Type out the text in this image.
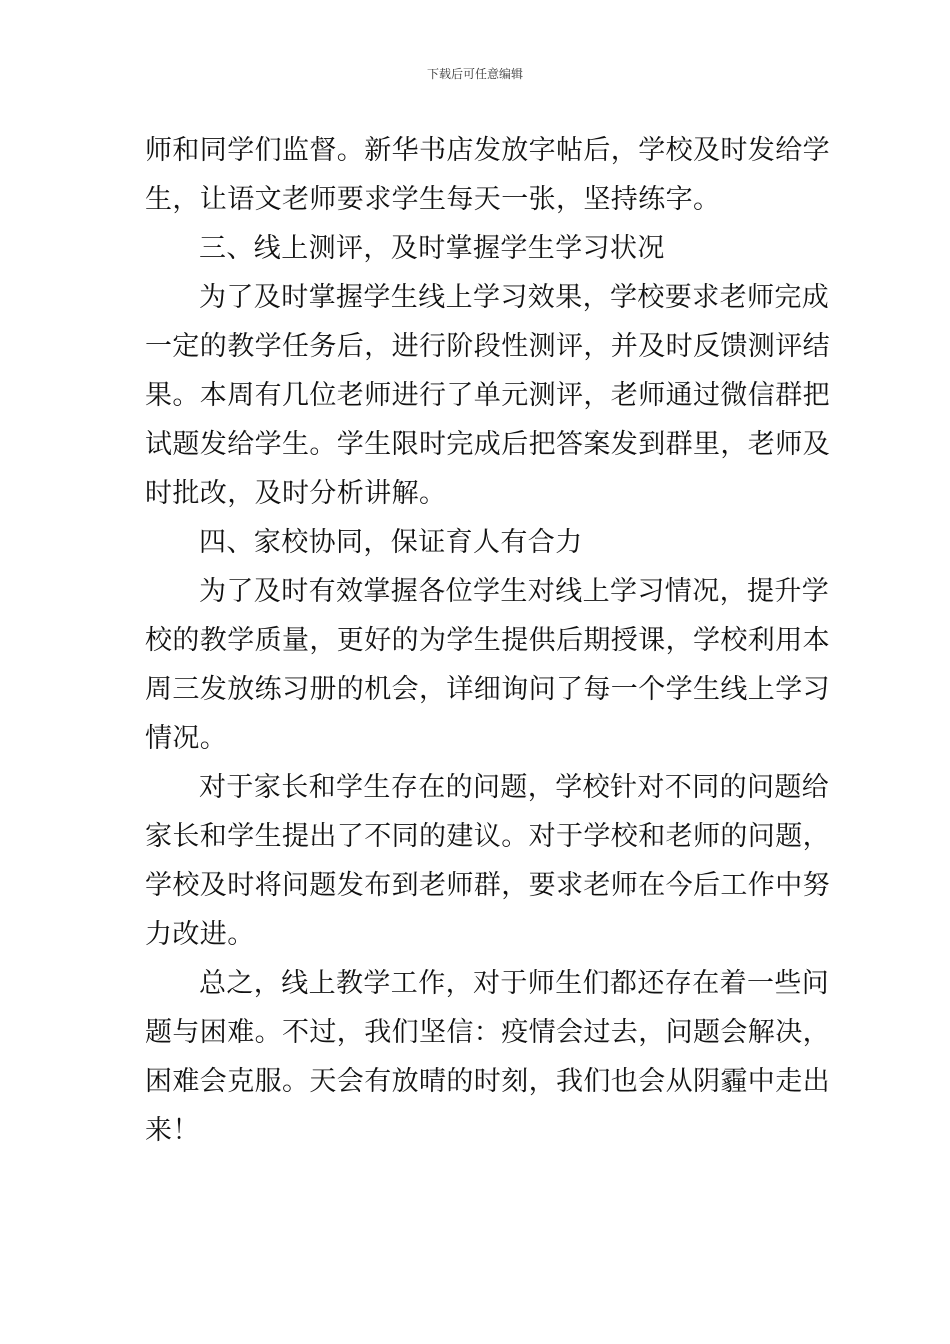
下载后可任意编辑
师和同学们监督。新华书店发放字帖后，学校及时发给学
生，让语文老师要求学生每天一张，坚持练字。
三、线上测评，及时掌握学生学习状况
为了及时掌握学生线上学习效果，学校要求老师完成
一定的教学任务后，进行阶段性测评，并及时反馈测评结
果。本周有几位老师进行了单元测评，老师通过微信群把
试题发给学生。学生限时完成后把答案发到群里，老师及
时批改，及时分析讲解。
四、家校协同，保证育人有合力
为了及时有效掌握各位学生对线上学习情况，提升学
校的教学质量，更好的为学生提供后期授课，学校利用本
周三发放练习册的机会，详细询问了每一个学生线上学习
情况。
对于家长和学生存在的问题，学校针对不同的问题给
家长和学生提出了不同的建议。对于学校和老师的问题，
学校及时将问题发布到老师群，要求老师在今后工作中努
力改进。
总之，线上教学工作，对于师生们都还存在着一些问
题与困难。不过，我们坚信：疫情会过去，问题会解决，
困难会克服。天会有放晴的时刻，我们也会从阴霾中走出
来！
